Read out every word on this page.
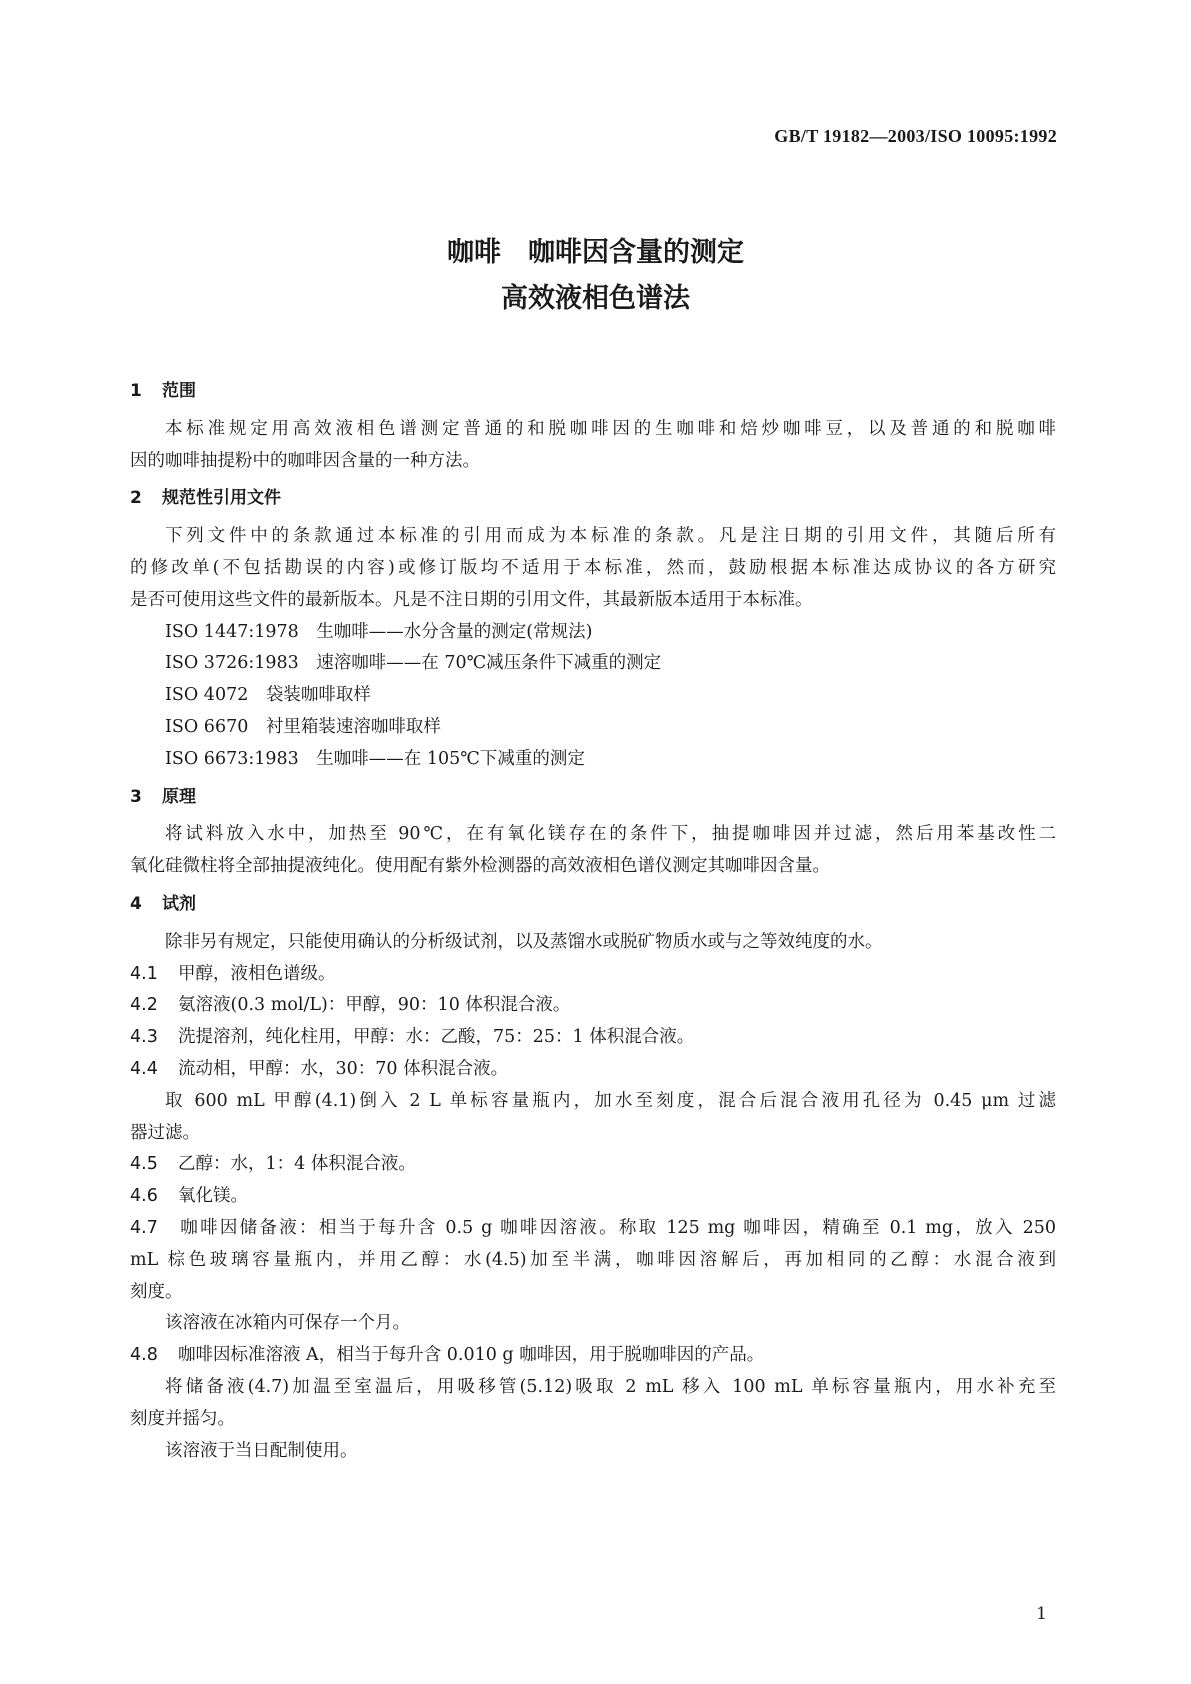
GB/T 19182—2003/ISO 10095:1992
咖啡　咖啡因含量的测定
高效液相色谱法
1 范围
本标准规定用高效液相色谱测定普通的和脱咖啡因的生咖啡和焙炒咖啡豆，以及普通的和脱咖啡
因的咖啡抽提粉中的咖啡因含量的一种方法。
2 规范性引用文件
下列文件中的条款通过本标准的引用而成为本标准的条款。凡是注日期的引用文件，其随后所有
的修改单(不包括勘误的内容)或修订版均不适用于本标准，然而，鼓励根据本标准达成协议的各方研究
是否可使用这些文件的最新版本。凡是不注日期的引用文件，其最新版本适用于本标准。
ISO 1447:1978　生咖啡——水分含量的测定(常规法)
ISO 3726:1983　速溶咖啡——在 70℃减压条件下减重的测定
ISO 4072　袋装咖啡取样
ISO 6670　衬里箱装速溶咖啡取样
ISO 6673:1983　生咖啡——在 105℃下减重的测定
3 原理
将试料放入水中，加热至 90℃，在有氧化镁存在的条件下，抽提咖啡因并过滤，然后用苯基改性二
氧化硅微柱将全部抽提液纯化。使用配有紫外检测器的高效液相色谱仪测定其咖啡因含量。
4 试剂
除非另有规定，只能使用确认的分析级试剂，以及蒸馏水或脱矿物质水或与之等效纯度的水。
4.1 甲醇，液相色谱级。
4.2 氨溶液(0.3 mol/L)：甲醇，90：10 体积混合液。
4.3 洗提溶剂，纯化柱用，甲醇：水：乙酸，75：25：1 体积混合液。
4.4 流动相，甲醇：水，30：70 体积混合液。
取 600 mL 甲醇(4.1)倒入 2 L 单标容量瓶内，加水至刻度，混合后混合液用孔径为 0.45 μm 过滤
器过滤。
4.5 乙醇：水，1：4 体积混合液。
4.6 氧化镁。
4.7 咖啡因储备液：相当于每升含 0.5 g 咖啡因溶液。称取 125 mg 咖啡因，精确至 0.1 mg，放入 250
mL 棕色玻璃容量瓶内，并用乙醇：水(4.5)加至半满，咖啡因溶解后，再加相同的乙醇：水混合液到
刻度。
该溶液在冰箱内可保存一个月。
4.8 咖啡因标准溶液 A，相当于每升含 0.010 g 咖啡因，用于脱咖啡因的产品。
将储备液(4.7)加温至室温后，用吸移管(5.12)吸取 2 mL 移入 100 mL 单标容量瓶内，用水补充至
刻度并摇匀。
该溶液于当日配制使用。
1
